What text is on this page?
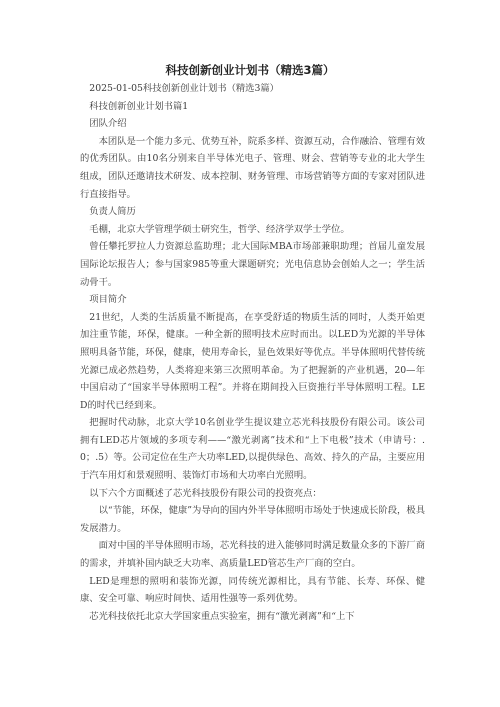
科技创新创业计划书（精选3篇）

2025-01-05科技创新创业计划书（精选3篇）

科技创新创业计划书篇1

团队介绍

本团队是一个能力多元、优势互补，院系多样、资源互动，合作融洽、管理有效的优秀团队。由10名分别来自半导体光电子、管理、财会、营销等专业的北大学生组成，团队还邀请技术研发、成本控制、财务管理、市场营销等方面的专家对团队进行直接指导。

负责人简历

毛棚，北京大学管理学硕士研究生，哲学、经济学双学士学位。

曾任攀托罗拉人力资源总监助理；北大国际MBA市场部兼职助理；首届儿童发展国际论坛报告人；参与国家985等重大课题研究；光电信息协会创始人之一；学生活动骨干。

项目简介

21世纪，人类的生活质量不断提高，在享受舒适的物质生活的同时，人类开始更加注重节能，环保，健康。一种全新的照明技术应时而出。以LED为光源的半导体照明具备节能，环保，健康，使用寿命长，显色效果好等优点。半导体照明代替传统光源已成必然趋势，人类将迎来第三次照明革命。为了把握新的产业机遇，20—年中国启动了“国家半导体照明工程”。并将在期间投入巨资推行半导体照明工程。LED的时代已经到来。

把握时代动脉，北京大学10名创业学生提议建立芯光科技股份有限公司。该公司拥有LED芯片领域的多项专利——“激光剥离”技术和“上下电极”技术（申请号：.0；.5）等。公司定位在生产大功率LED,以提供绿色、高效、持久的产品，主要应用于汽车用灯和景观照明、装饰灯市场和大功率白光照明。

以下六个方面概述了芯光科技股份有限公司的投资亮点：

以“节能，环保，健康”为导向的国内外半导体照明市场处于快速成长阶段，极具发展潜力。

面对中国的半导体照明市场，芯光科技的进入能够同时满足数量众多的下游厂商的需求，并填补国内缺乏大功率、高质量LED管芯生产厂商的空白。

LED是理想的照明和装饰光源，同传统光源相比，具有节能、长寿、环保、健康、安全可靠、响应时间快、适用性强等一系列优势。

芯光科技依托北京大学国家重点实验室，拥有“激光剥离”和“上下
